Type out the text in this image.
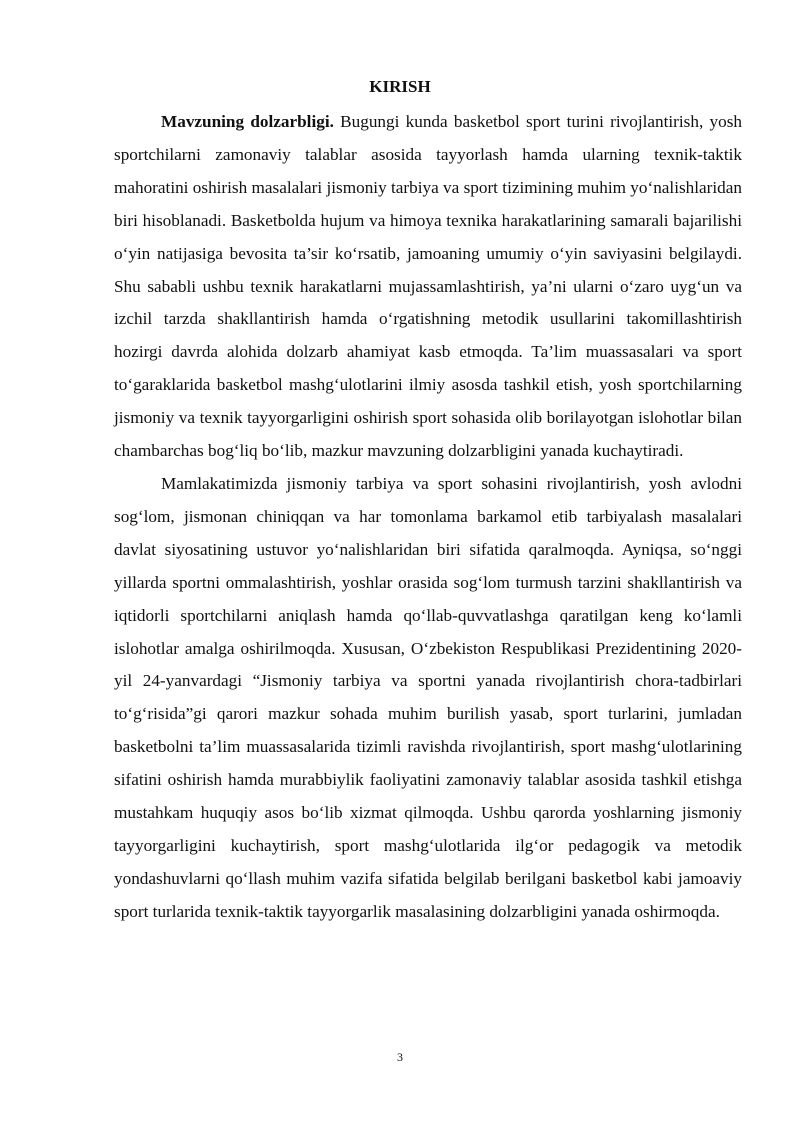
KIRISH

Mavzuning dolzarbligi. Bugungi kunda basketbol sport turini rivojlantirish, yosh sportchilarni zamonaviy talablar asosida tayyorlash hamda ularning texnik-taktik mahoratini oshirish masalalari jismoniy tarbiya va sport tizimining muhim yo‘nalishlaridan biri hisoblanadi. Basketbolda hujum va himoya texnika harakatlarining samarali bajarilishi o‘yin natijasiga bevosita ta’sir ko‘rsatib, jamoaning umumiy o‘yin saviyasini belgilaydi. Shu sababli ushbu texnik harakatlarni mujassamlashtirish, ya’ni ularni o‘zaro uyg‘un va izchil tarzda shakllantirish hamda o‘rgatishning metodik usullarini takomillashtirish hozirgi davrda alohida dolzarb ahamiyat kasb etmoqda. Ta’lim muassasalari va sport to‘garaklarida basketbol mashg‘ulotlarini ilmiy asosda tashkil etish, yosh sportchilarning jismoniy va texnik tayyorgarligini oshirish sport sohasida olib borilayotgan islohotlar bilan chambarchas bog‘liq bo‘lib, mazkur mavzuning dolzarbligini yanada kuchaytiradi.

Mamlakatimizda jismoniy tarbiya va sport sohasini rivojlantirish, yosh avlodni sog‘lom, jismonan chiniqqan va har tomonlama barkamol etib tarbiyalash masalalari davlat siyosatining ustuvor yo‘nalishlaridan biri sifatida qaralmoqda. Ayniqsa, so‘nggi yillarda sportni ommalashtirish, yoshlar orasida sog‘lom turmush tarzini shakllantirish va iqtidorli sportchilarni aniqlash hamda qo‘llab-quvvatlashga qaratilgan keng ko‘lamli islohotlar amalga oshirilmoqda. Xususan, O‘zbekiston Respublikasi Prezidentining 2020-yil 24-yanvardagi “Jismoniy tarbiya va sportni yanada rivojlantirish chora-tadbirlari to‘g‘risida”gi qarori mazkur sohada muhim burilish yasab, sport turlarini, jumladan basketbolni ta’lim muassasalarida tizimli ravishda rivojlantirish, sport mashg‘ulotlarining sifatini oshirish hamda murabbiylik faoliyatini zamonaviy talablar asosida tashkil etishga mustahkam huquqiy asos bo‘lib xizmat qilmoqda. Ushbu qarorda yoshlarning jismoniy tayyorgarligini kuchaytirish, sport mashg‘ulotlarida ilg‘or pedagogik va metodik yondashuvlarni qo‘llash muhim vazifa sifatida belgilab berilgani basketbol kabi jamoaviy sport turlarida texnik-taktik tayyorgarlik masalasining dolzarbligini yanada oshirmoqda.

3
